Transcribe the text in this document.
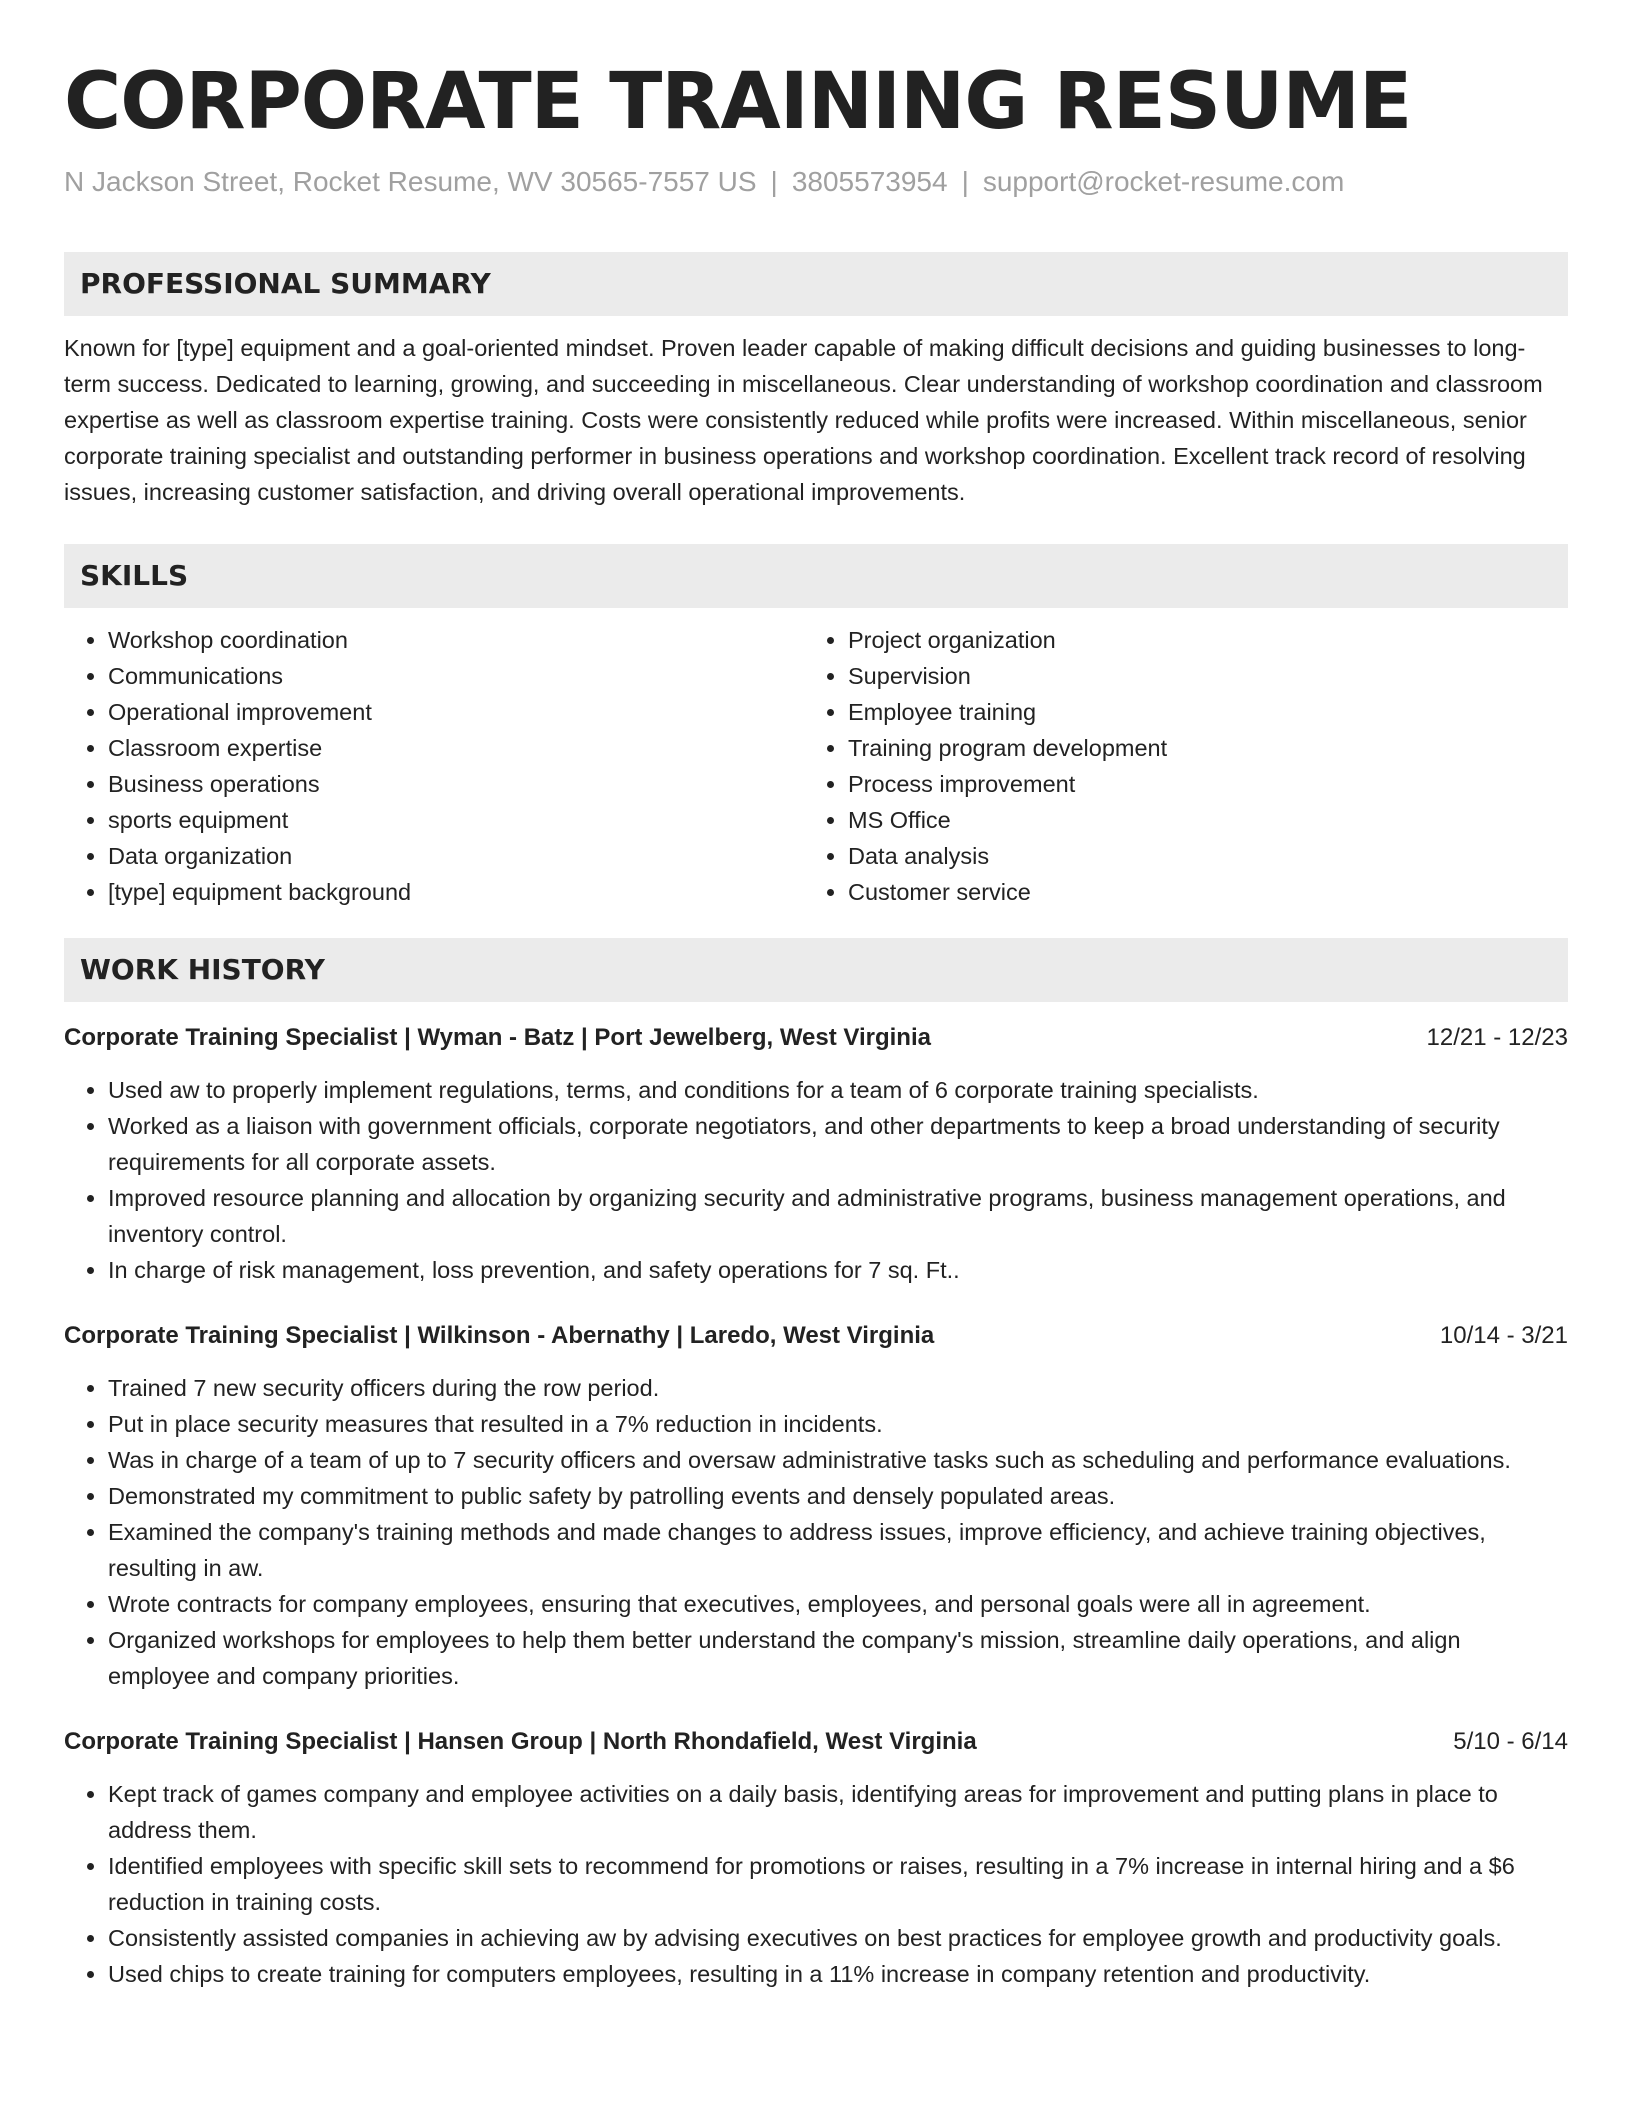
CORPORATE TRAINING RESUME
N Jackson Street, Rocket Resume, WV 30565-7557 US | 3805573954 | support@rocket-resume.com
PROFESSIONAL SUMMARY

Known for [type] equipment and a goal-oriented mindset. Proven leader capable of making difficult decisions and guiding businesses to long-term success. Dedicated to learning, growing, and succeeding in miscellaneous. Clear understanding of workshop coordination and classroom expertise as well as classroom expertise training. Costs were consistently reduced while profits were increased. Within miscellaneous, senior corporate training specialist and outstanding performer in business operations and workshop coordination. Excellent track record of resolving issues, increasing customer satisfaction, and driving overall operational improvements.

SKILLS
• Workshop coordination
• Communications
• Operational improvement
• Classroom expertise
• Business operations
• sports equipment
• Data organization
• [type] equipment background
• Project organization
• Supervision
• Employee training
• Training program development
• Process improvement
• MS Office
• Data analysis
• Customer service
WORK HISTORY
Corporate Training Specialist | Wyman - Batz | Port Jewelberg, West Virginia	12/21 - 12/23
• Used aw to properly implement regulations, terms, and conditions for a team of 6 corporate training specialists.
• Worked as a liaison with government officials, corporate negotiators, and other departments to keep a broad understanding of security requirements for all corporate assets.
• Improved resource planning and allocation by organizing security and administrative programs, business management operations, and inventory control.
• In charge of risk management, loss prevention, and safety operations for 7 sq. Ft..
Corporate Training Specialist | Wilkinson - Abernathy | Laredo, West Virginia	10/14 - 3/21
• Trained 7 new security officers during the row period.
• Put in place security measures that resulted in a 7% reduction in incidents.
• Was in charge of a team of up to 7 security officers and oversaw administrative tasks such as scheduling and performance evaluations.
• Demonstrated my commitment to public safety by patrolling events and densely populated areas.
• Examined the company's training methods and made changes to address issues, improve efficiency, and achieve training objectives, resulting in aw.
• Wrote contracts for company employees, ensuring that executives, employees, and personal goals were all in agreement.
• Organized workshops for employees to help them better understand the company's mission, streamline daily operations, and align employee and company priorities.
Corporate Training Specialist | Hansen Group | North Rhondafield, West Virginia	5/10 - 6/14
• Kept track of games company and employee activities on a daily basis, identifying areas for improvement and putting plans in place to address them.
• Identified employees with specific skill sets to recommend for promotions or raises, resulting in a 7% increase in internal hiring and a $6 reduction in training costs.
• Consistently assisted companies in achieving aw by advising executives on best practices for employee growth and productivity goals.
• Used chips to create training for computers employees, resulting in a 11% increase in company retention and productivity.
